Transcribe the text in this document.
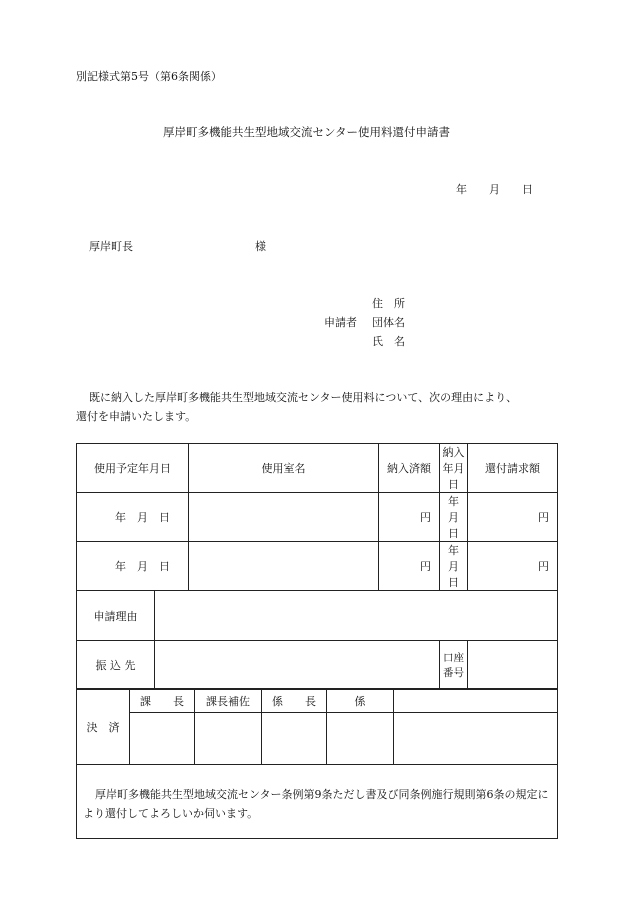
別記様式第5号（第6条関係）
厚岸町多機能共生型地域交流センター使用料還付申請書
年　　月　　日
厚岸町長	様
申請者
住　所
団体名
氏　名
既に納入した厚岸町多機能共生型地域交流センター使用料について、次の理由により、
還付を申請いたします。
使用予定年月日		使用室名	納入済額	納入年月日	還付請求額
年　月　日			円	年　月　日	円
年　月　日			円	年　月　日	円
申請理由					
振 込 先				口座番号	
決　済	課　　長	課長補佐	係　　長	係	

厚岸町多機能共生型地域交流センター条例第9条ただし書及び同条例施行規則第6条の規定により還付してよろしいか伺います。					
